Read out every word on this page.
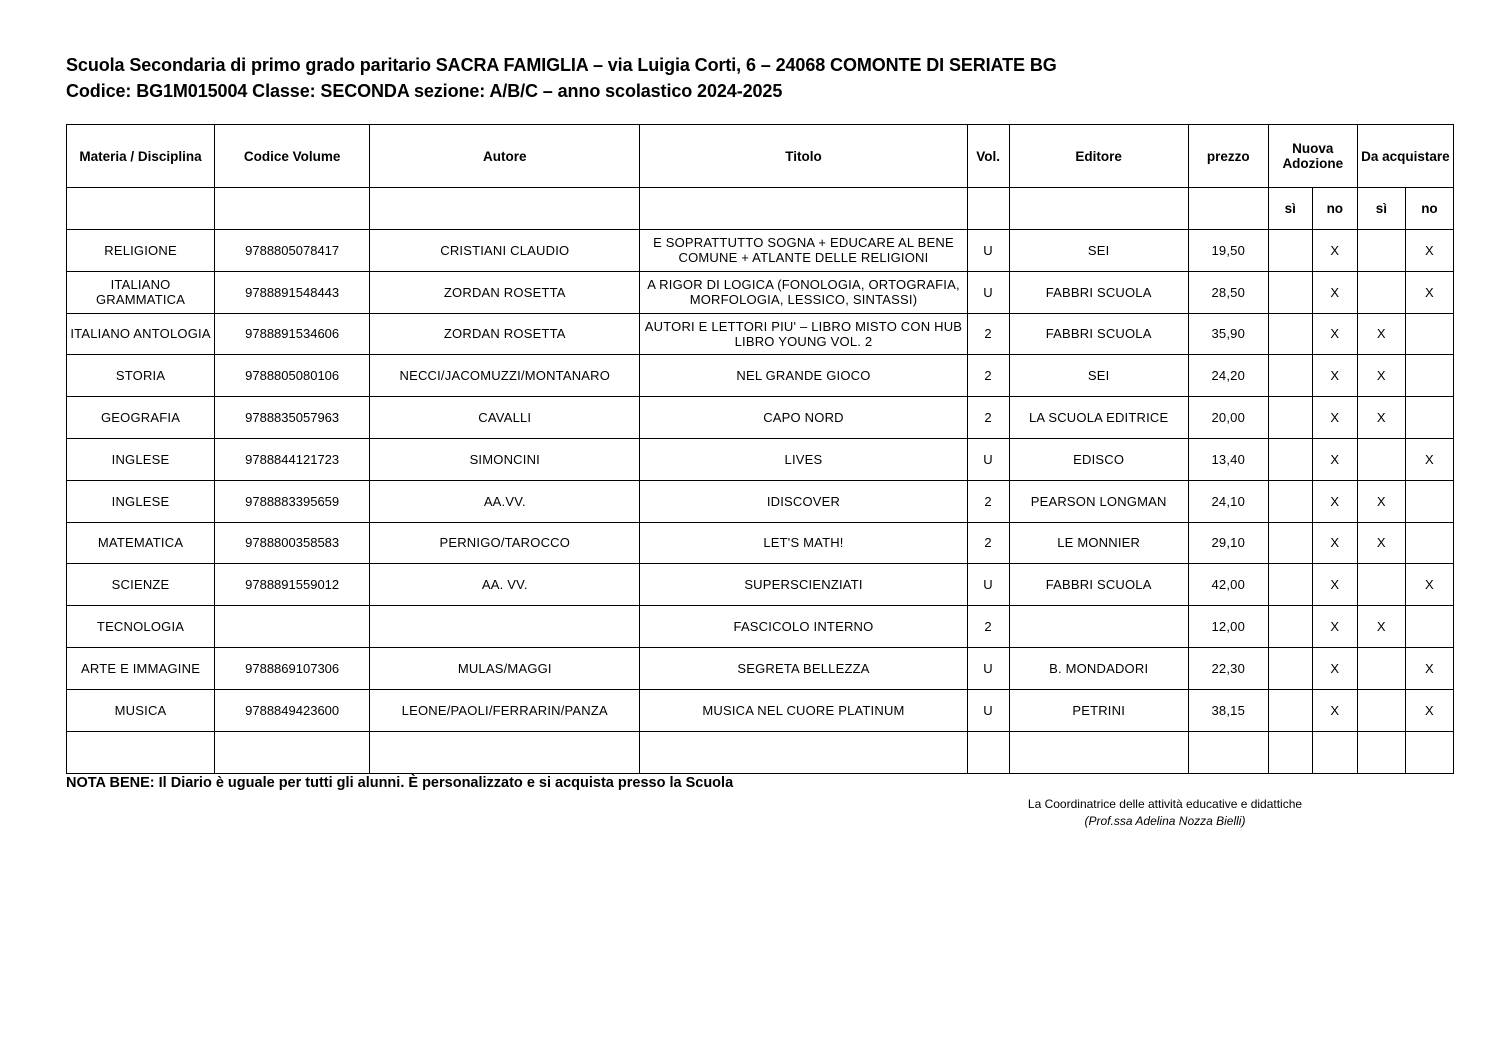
Scuola Secondaria di primo grado paritario SACRA FAMIGLIA – via Luigia Corti, 6 – 24068 COMONTE DI SERIATE BG
Codice: BG1M015004 Classe: SECONDA sezione: A/B/C – anno scolastico 2024-2025
Materia / Disciplina	Codice Volume	Autore	Titolo	Vol.	Editore	prezzo	Nuova Adozione		Da acquistare	
							sì	no	sì	no
RELIGIONE	9788805078417	CRISTIANI CLAUDIO	E SOPRATTUTTO SOGNA + EDUCARE AL BENE COMUNE + ATLANTE DELLE RELIGIONI	U	SEI	19,50		X		X
ITALIANO GRAMMATICA	9788891548443	ZORDAN ROSETTA	A RIGOR DI LOGICA (FONOLOGIA, ORTOGRAFIA, MORFOLOGIA, LESSICO, SINTASSI)	U	FABBRI SCUOLA	28,50		X		X
ITALIANO ANTOLOGIA	9788891534606	ZORDAN ROSETTA	AUTORI E LETTORI PIU' – LIBRO MISTO CON HUB LIBRO YOUNG VOL. 2	2	FABBRI SCUOLA	35,90		X	X	
STORIA	9788805080106	NECCI/JACOMUZZI/MONTANARO	NEL GRANDE GIOCO	2	SEI	24,20		X	X	
GEOGRAFIA	9788835057963	CAVALLI	CAPO NORD	2	LA SCUOLA EDITRICE	20,00		X	X	
INGLESE	9788844121723	SIMONCINI	LIVES	U	EDISCO	13,40		X		X
INGLESE	9788883395659	AA.VV.	IDISCOVER	2	PEARSON LONGMAN	24,10		X	X	
MATEMATICA	9788800358583	PERNIGO/TAROCCO	LET'S MATH!	2	LE MONNIER	29,10		X	X	
SCIENZE	9788891559012	AA. VV.	SUPERSCIENZIATI	U	FABBRI SCUOLA	42,00		X		X
TECNOLOGIA			FASCICOLO INTERNO	2		12,00		X	X	
ARTE E IMMAGINE	9788869107306	MULAS/MAGGI	SEGRETA BELLEZZA	U	B. MONDADORI	22,30		X		X
MUSICA	9788849423600	LEONE/PAOLI/FERRARIN/PANZA	MUSICA NEL CUORE PLATINUM	U	PETRINI	38,15		X		X

NOTA BENE: Il Diario è uguale per tutti gli alunni. È personalizzato e si acquista presso la Scuola
La Coordinatrice delle attività educative e didattiche
(Prof.ssa Adelina Nozza Bielli)
